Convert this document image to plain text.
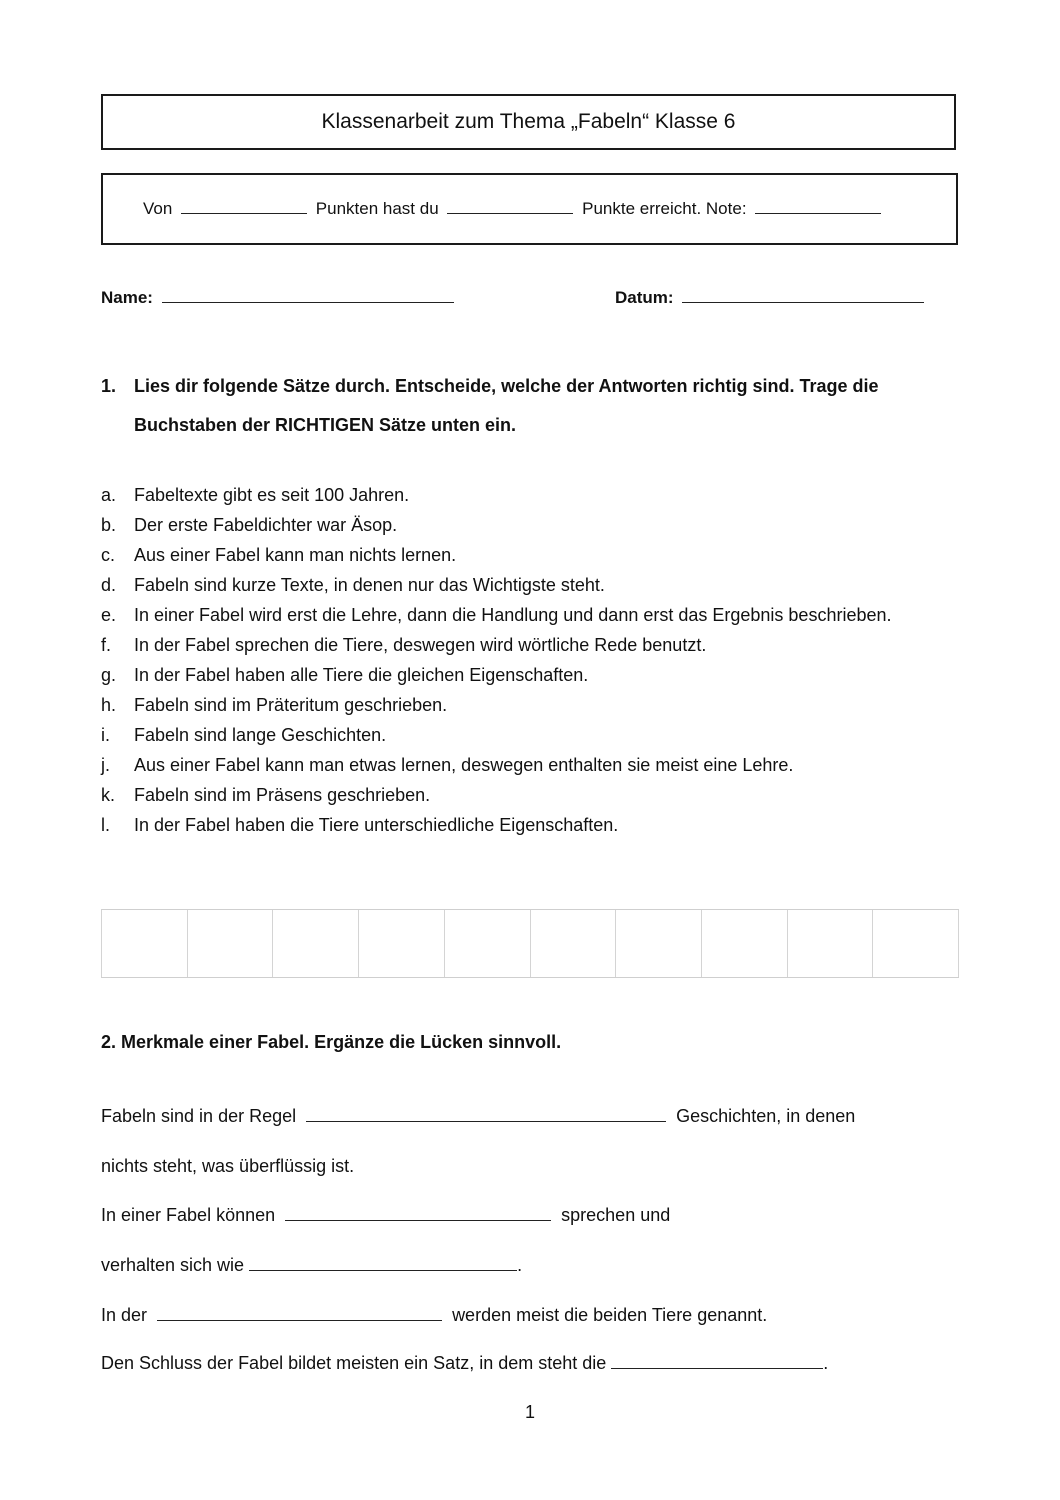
Klassenarbeit zum Thema „Fabeln“ Klasse 6
Von	Punkten hast du	Punkte erreicht. Note:
Name:	Datum:
1. Lies dir folgende Sätze durch. Entscheide, welche der Antworten richtig sind. Trage die Buchstaben der RICHTIGEN Sätze unten ein.
a. Fabeltexte gibt es seit 100 Jahren.
b. Der erste Fabeldichter war Äsop.
c. Aus einer Fabel kann man nichts lernen.
d. Fabeln sind kurze Texte, in denen nur das Wichtigste steht.
e. In einer Fabel wird erst die Lehre, dann die Handlung und dann erst das Ergebnis beschrieben.
f. In der Fabel sprechen die Tiere, deswegen wird wörtliche Rede benutzt.
g. In der Fabel haben alle Tiere die gleichen Eigenschaften.
h. Fabeln sind im Präteritum geschrieben.
i. Fabeln sind lange Geschichten.
j. Aus einer Fabel kann man etwas lernen, deswegen enthalten sie meist eine Lehre.
k. Fabeln sind im Präsens geschrieben.
l. In der Fabel haben die Tiere unterschiedliche Eigenschaften.
2. Merkmale einer Fabel. Ergänze die Lücken sinnvoll.
Fabeln sind in der Regel	Geschichten, in denen
nichts steht, was überflüssig ist.
In einer Fabel können	sprechen und
verhalten sich wie	.
In der	werden meist die beiden Tiere genannt.
Den Schluss der Fabel bildet meisten ein Satz, in dem steht die	.
1
